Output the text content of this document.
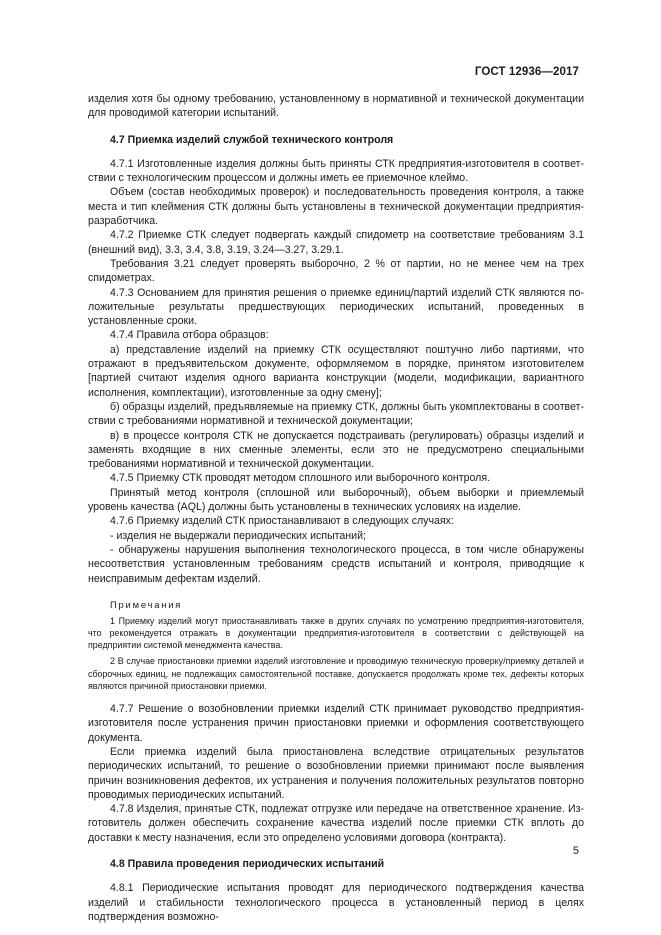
ГОСТ 12936—2017

изделия хотя бы одному требованию, установленному в нормативной и технической документации для проводимой категории испытаний.

4.7 Приемка изделий службой технического контроля

4.7.1 Изготовленные изделия должны быть приняты СТК предприятия-изготовителя в соответствии с технологическим процессом и должны иметь ее приемочное клеймо.

Объем (состав необходимых проверок) и последовательность проведения контроля, а также места и тип клеймения СТК должны быть установлены в технической документации предприятия-разработчика.

4.7.2 Приемке СТК следует подвергать каждый спидометр на соответствие требованиям 3.1 (внешний вид), 3.3, 3.4, 3.8, 3.19, 3.24—3.27, 3.29.1.

Требования 3.21 следует проверять выборочно, 2 % от партии, но не менее чем на трех спидометрах.

4.7.3 Основанием для принятия решения о приемке единиц/партий изделий СТК являются положительные результаты предшествующих периодических испытаний, проведенных в установленные сроки.

4.7.4 Правила отбора образцов:

а) представление изделий на приемку СТК осуществляют поштучно либо партиями, что отражают в предъявительском документе, оформляемом в порядке, принятом изготовителем [партией считают изделия одного варианта конструкции (модели, модификации, вариантного исполнения, комплектации), изготовленные за одну смену];

б) образцы изделий, предъявляемые на приемку СТК, должны быть укомплектованы в соответствии с требованиями нормативной и технической документации;

в) в процессе контроля СТК не допускается подстраивать (регулировать) образцы изделий и заменять входящие в них сменные элементы, если это не предусмотрено специальными требованиями нормативной и технической документации.

4.7.5 Приемку СТК проводят методом сплошного или выборочного контроля.

Принятый метод контроля (сплошной или выборочный), объем выборки и приемлемый уровень качества (AQL) должны быть установлены в технических условиях на изделие.

4.7.6 Приемку изделий СТК приостанавливают в следующих случаях:

- изделия не выдержали периодических испытаний;

- обнаружены нарушения выполнения технологического процесса, в том числе обнаружены несоответствия установленным требованиям средств испытаний и контроля, приводящие к неисправимым дефектам изделий.

Примечания

1 Приемку изделий могут приостанавливать также в других случаях по усмотрению предприятия-изготовителя, что рекомендуется отражать в документации предприятия-изготовителя в соответствии с действующей на предприятии системой менеджмента качества.

2 В случае приостановки приемки изделий изготовление и проводимую техническую проверку/приемку деталей и сборочных единиц, не подлежащих самостоятельной поставке, допускается продолжать кроме тех, дефекты которых являются причиной приостановки приемки.

4.7.7 Решение о возобновлении приемки изделий СТК принимает руководство предприятия-изготовителя после устранения причин приостановки приемки и оформления соответствующего документа.

Если приемка изделий была приостановлена вследствие отрицательных результатов периодических испытаний, то решение о возобновлении приемки принимают после выявления причин возникновения дефектов, их устранения и получения положительных результатов повторно проводимых периодических испытаний.

4.7.8 Изделия, принятые СТК, подлежат отгрузке или передаче на ответственное хранение. Изготовитель должен обеспечить сохранение качества изделий после приемки СТК вплоть до доставки к месту назначения, если это определено условиями договора (контракта).

4.8 Правила проведения периодических испытаний

4.8.1 Периодические испытания проводят для периодического подтверждения качества изделий и стабильности технологического процесса в установленный период в целях подтверждения возможно-

5
